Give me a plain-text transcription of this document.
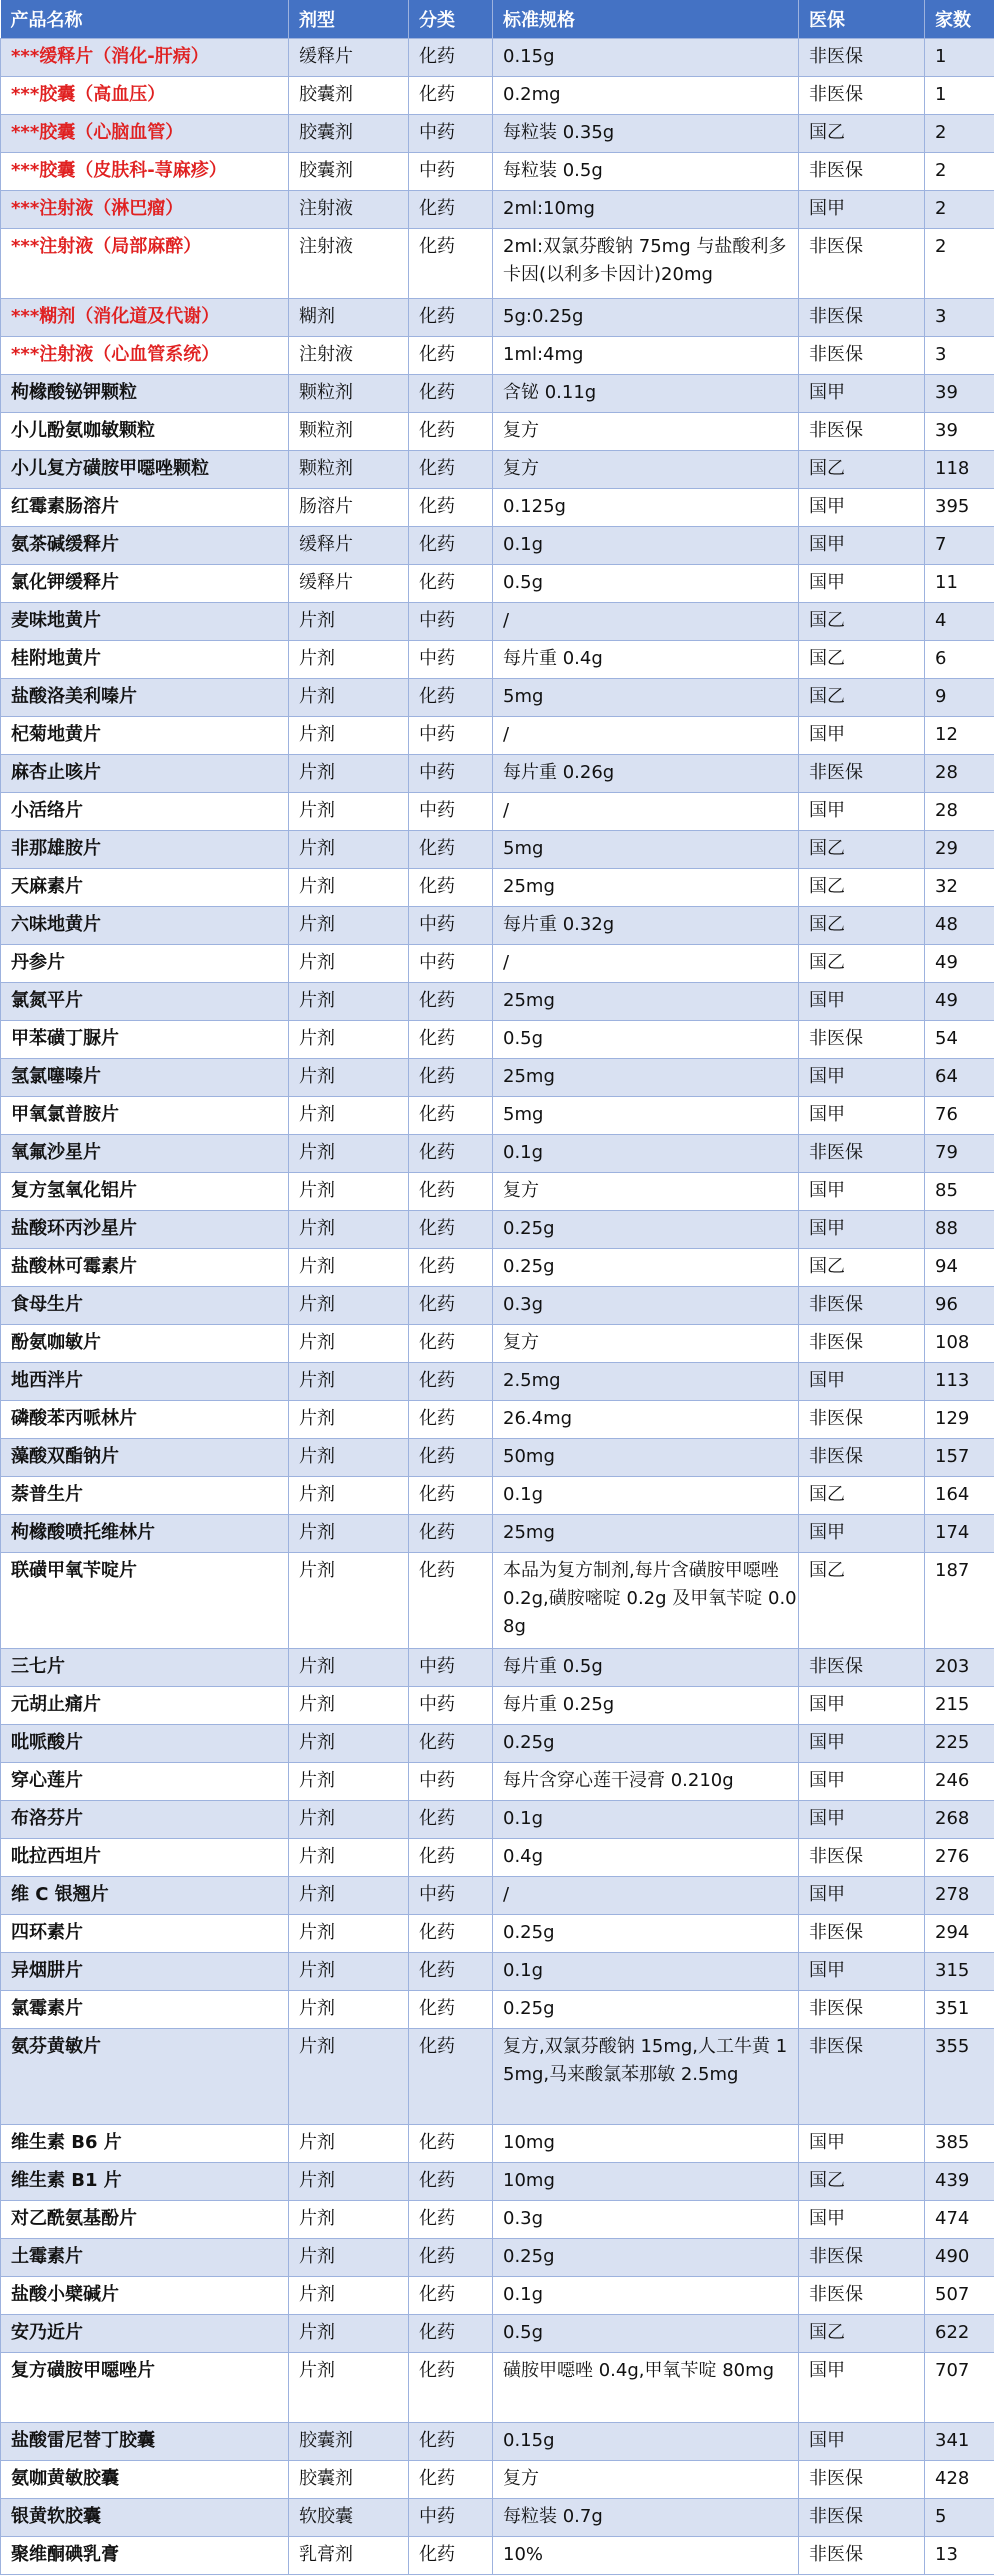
产品名称	剂型	分类	标准规格	医保	家数
***缓释片（消化-肝病）	缓释片	化药	0.15g	非医保	1
***胶囊（高血压）	胶囊剂	化药	0.2mg	非医保	1
***胶囊（心脑血管）	胶囊剂	中药	每粒装 0.35g	国乙	2
***胶囊（皮肤科-荨麻疹）	胶囊剂	中药	每粒装 0.5g	非医保	2
***注射液（淋巴瘤）	注射液	化药	2ml:10mg	国甲	2
***注射液（局部麻醉）	注射液	化药	2ml:双氯芬酸钠 75mg 与盐酸利多卡因(以利多卡因计)20mg	非医保	2
***糊剂（消化道及代谢）	糊剂	化药	5g:0.25g	非医保	3
***注射液（心血管系统）	注射液	化药	1ml:4mg	非医保	3
枸橼酸铋钾颗粒	颗粒剂	化药	含铋 0.11g	国甲	39
小儿酚氨咖敏颗粒	颗粒剂	化药	复方	非医保	39
小儿复方磺胺甲噁唑颗粒	颗粒剂	化药	复方	国乙	118
红霉素肠溶片	肠溶片	化药	0.125g	国甲	395
氨茶碱缓释片	缓释片	化药	0.1g	国甲	7
氯化钾缓释片	缓释片	化药	0.5g	国甲	11
麦味地黄片	片剂	中药	/	国乙	4
桂附地黄片	片剂	中药	每片重 0.4g	国乙	6
盐酸洛美利嗪片	片剂	化药	5mg	国乙	9
杞菊地黄片	片剂	中药	/	国甲	12
麻杏止咳片	片剂	中药	每片重 0.26g	非医保	28
小活络片	片剂	中药	/	国甲	28
非那雄胺片	片剂	化药	5mg	国乙	29
天麻素片	片剂	化药	25mg	国乙	32
六味地黄片	片剂	中药	每片重 0.32g	国乙	48
丹参片	片剂	中药	/	国乙	49
氯氮平片	片剂	化药	25mg	国甲	49
甲苯磺丁脲片	片剂	化药	0.5g	非医保	54
氢氯噻嗪片	片剂	化药	25mg	国甲	64
甲氧氯普胺片	片剂	化药	5mg	国甲	76
氧氟沙星片	片剂	化药	0.1g	非医保	79
复方氢氧化铝片	片剂	化药	复方	国甲	85
盐酸环丙沙星片	片剂	化药	0.25g	国甲	88
盐酸林可霉素片	片剂	化药	0.25g	国乙	94
食母生片	片剂	化药	0.3g	非医保	96
酚氨咖敏片	片剂	化药	复方	非医保	108
地西泮片	片剂	化药	2.5mg	国甲	113
磷酸苯丙哌林片	片剂	化药	26.4mg	非医保	129
藻酸双酯钠片	片剂	化药	50mg	非医保	157
萘普生片	片剂	化药	0.1g	国乙	164
枸橼酸喷托维林片	片剂	化药	25mg	国甲	174
联磺甲氧苄啶片	片剂	化药	本品为复方制剂,每片含磺胺甲噁唑 0.2g,磺胺嘧啶 0.2g 及甲氧苄啶 0.08g	国乙	187
三七片	片剂	中药	每片重 0.5g	非医保	203
元胡止痛片	片剂	中药	每片重 0.25g	国甲	215
吡哌酸片	片剂	化药	0.25g	国甲	225
穿心莲片	片剂	中药	每片含穿心莲干浸膏 0.210g	国甲	246
布洛芬片	片剂	化药	0.1g	国甲	268
吡拉西坦片	片剂	化药	0.4g	非医保	276
维 C 银翘片	片剂	中药	/	国甲	278
四环素片	片剂	化药	0.25g	非医保	294
异烟肼片	片剂	化药	0.1g	国甲	315
氯霉素片	片剂	化药	0.25g	非医保	351
氨芬黄敏片	片剂	化药	复方,双氯芬酸钠 15mg,人工牛黄 15mg,马来酸氯苯那敏 2.5mg	非医保	355
维生素 B6 片	片剂	化药	10mg	国甲	385
维生素 B1 片	片剂	化药	10mg	国乙	439
对乙酰氨基酚片	片剂	化药	0.3g	国甲	474
土霉素片	片剂	化药	0.25g	非医保	490
盐酸小檗碱片	片剂	化药	0.1g	非医保	507
安乃近片	片剂	化药	0.5g	国乙	622
复方磺胺甲噁唑片	片剂	化药	磺胺甲噁唑 0.4g,甲氧苄啶 80mg	国甲	707
盐酸雷尼替丁胶囊	胶囊剂	化药	0.15g	国甲	341
氨咖黄敏胶囊	胶囊剂	化药	复方	非医保	428
银黄软胶囊	软胶囊	中药	每粒装 0.7g	非医保	5
聚维酮碘乳膏	乳膏剂	化药	10%	非医保	13
